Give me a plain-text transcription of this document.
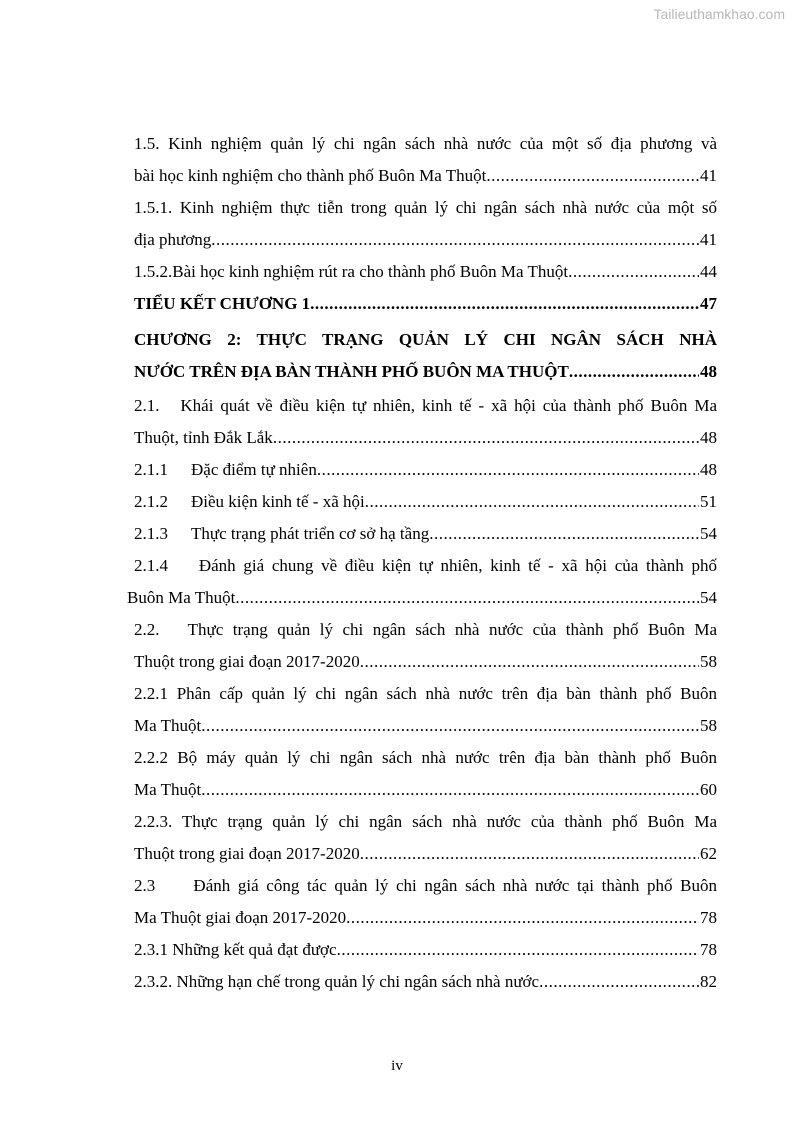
Tailieuthamkhao.com
1.5. Kinh nghiệm quản lý chi ngân sách nhà nước của một số địa phương và
bài học kinh nghiệm cho thành phố Buôn Ma Thuột .....	41
1.5.1. Kinh nghiệm thực tiễn trong quản lý chi ngân sách nhà nước của một số
địa phương .....	41
1.5.2.Bài học kinh nghiệm rút ra cho thành phố Buôn Ma Thuột .....	44
TIỂU KẾT CHƯƠNG 1 .....	47
CHƯƠNG 2: THỰC TRẠNG QUẢN LÝ CHI NGÂN SÁCH NHÀ
NƯỚC TRÊN ĐỊA BÀN THÀNH PHỐ BUÔN MA THUỘT .....	48
2.1.   Khái quát về điều kiện tự nhiên, kinh tế - xã hội của thành phố Buôn Ma
Thuột, tỉnh Đắk Lắk .....	48
2.1.1	Đặc điểm tự nhiên .....	48
2.1.2	Điều kiện kinh tế - xã hội .....	51
2.1.3	Thực trạng phát triển cơ sở hạ tầng .....	54
2.1.4    Đánh giá chung về điều kiện tự nhiên, kinh tế - xã hội của thành phố
Buôn Ma Thuột .....	54
2.2.   Thực trạng quản lý chi ngân sách nhà nước của thành phố Buôn Ma
Thuột trong giai đoạn 2017-2020 .....	58
2.2.1 Phân cấp quản lý chi ngân sách nhà nước trên địa bàn thành phố Buôn
Ma Thuột .....	58
2.2.2 Bộ máy quản lý chi ngân sách nhà nước trên địa bàn thành phố Buôn
Ma Thuột .....	60
2.2.3. Thực trạng quản lý chi ngân sách nhà nước của thành phố Buôn Ma
Thuột trong giai đoạn 2017-2020 .....	62
2.3     Đánh giá công tác quản lý chi ngân sách nhà nước tại thành phố Buôn
Ma Thuột giai đoạn 2017-2020 .....	78
2.3.1 Những kết quả đạt được .....	78
2.3.2. Những hạn chế trong quản lý chi ngân sách nhà nước .....	82
iv
